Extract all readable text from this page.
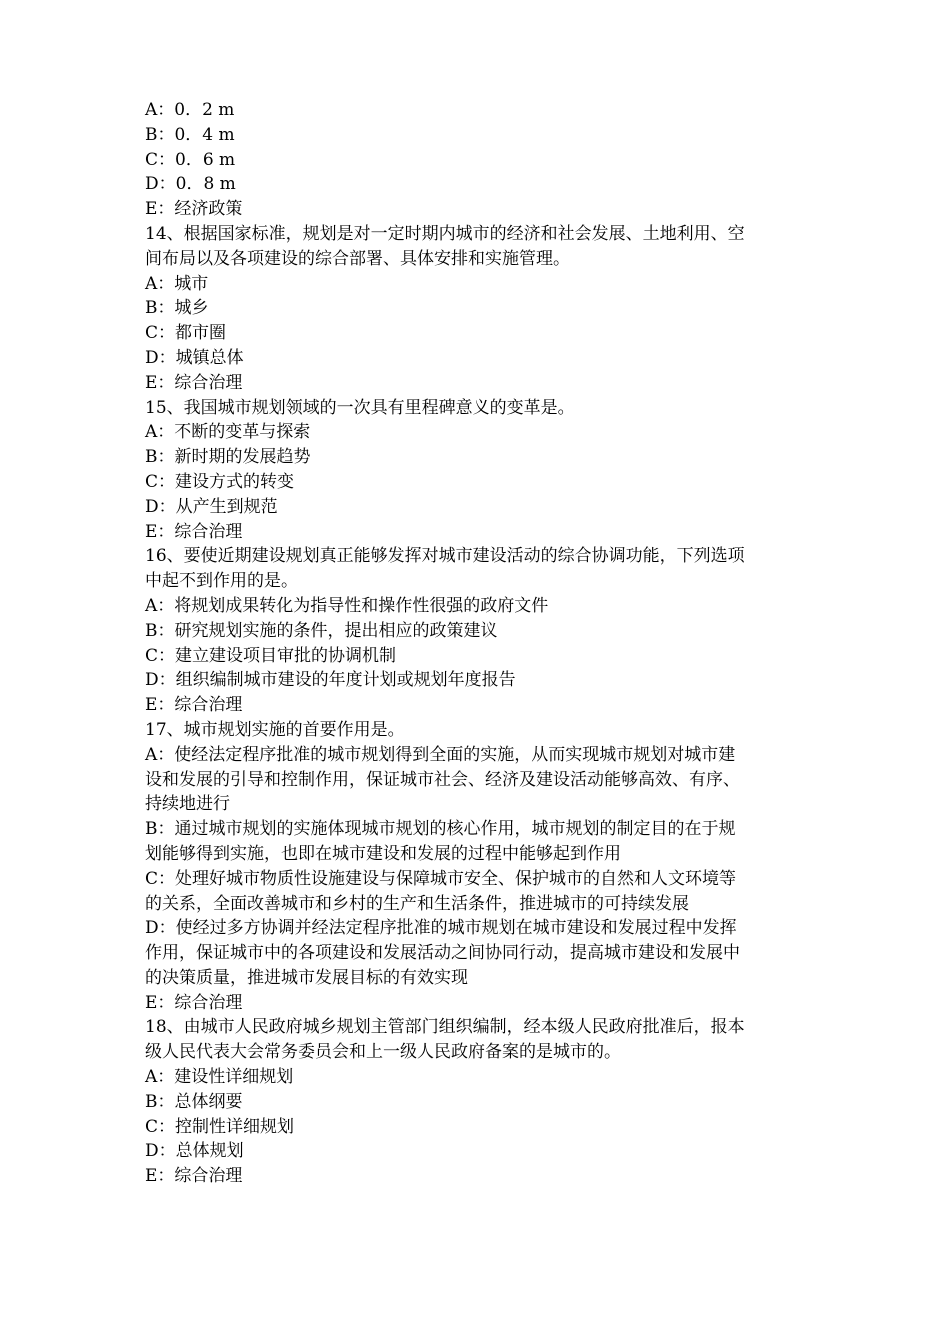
A：0．2 m
B：0．4 m
C：0．6 m
D：0．8 m
E：经济政策
14、根据国家标准，规划是对一定时期内城市的经济和社会发展、土地利用、空
间布局以及各项建设的综合部署、具体安排和实施管理。
A：城市
B：城乡
C：都市圈
D：城镇总体
E：综合治理
15、我国城市规划领域的一次具有里程碑意义的变革是。
A：不断的变革与探索
B：新时期的发展趋势
C：建设方式的转变
D：从产生到规范
E：综合治理
16、要使近期建设规划真正能够发挥对城市建设活动的综合协调功能，下列选项
中起不到作用的是。
A：将规划成果转化为指导性和操作性很强的政府文件
B：研究规划实施的条件，提出相应的政策建议
C：建立建设项目审批的协调机制
D：组织编制城市建设的年度计划或规划年度报告
E：综合治理
17、城市规划实施的首要作用是。
A：使经法定程序批准的城市规划得到全面的实施，从而实现城市规划对城市建
设和发展的引导和控制作用，保证城市社会、经济及建设活动能够高效、有序、
持续地进行
B：通过城市规划的实施体现城市规划的核心作用，城市规划的制定目的在于规
划能够得到实施，也即在城市建设和发展的过程中能够起到作用
C：处理好城市物质性设施建设与保障城市安全、保护城市的自然和人文环境等
的关系，全面改善城市和乡村的生产和生活条件，推进城市的可持续发展
D：使经过多方协调并经法定程序批准的城市规划在城市建设和发展过程中发挥
作用，保证城市中的各项建设和发展活动之间协同行动，提高城市建设和发展中
的决策质量，推进城市发展目标的有效实现
E：综合治理
18、由城市人民政府城乡规划主管部门组织编制，经本级人民政府批准后，报本
级人民代表大会常务委员会和上一级人民政府备案的是城市的。
A：建设性详细规划
B：总体纲要
C：控制性详细规划
D：总体规划
E：综合治理
